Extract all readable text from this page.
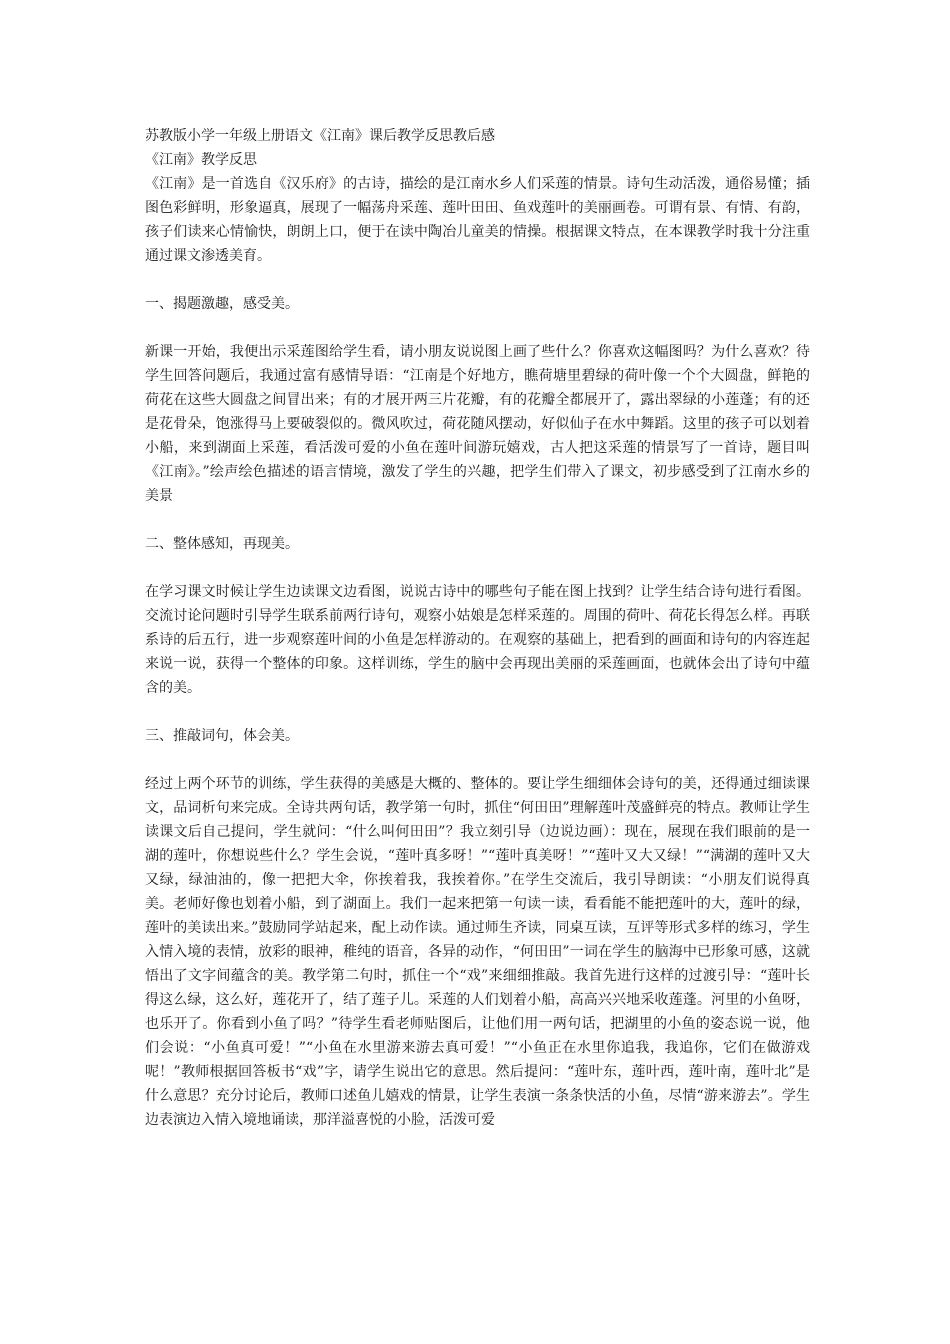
苏教版小学一年级上册语文《江南》课后教学反思教后感

《江南》教学反思

《江南》是一首选自《汉乐府》的古诗，描绘的是江南水乡人们采莲的情景。诗句生动活泼，通俗易懂；插图色彩鲜明，形象逼真，展现了一幅荡舟采莲、莲叶田田、鱼戏莲叶的美丽画卷。可谓有景、有情、有韵，孩子们读来心情愉快，朗朗上口，便于在读中陶冶儿童美的情操。根据课文特点，在本课教学时我十分注重通过课文渗透美育。

一、揭题激趣，感受美。

新课一开始，我便出示采莲图给学生看，请小朋友说说图上画了些什么？你喜欢这幅图吗？为什么喜欢？待学生回答问题后，我通过富有感情导语：“江南是个好地方，瞧荷塘里碧绿的荷叶像一个个大圆盘，鲜艳的荷花在这些大圆盘之间冒出来；有的才展开两三片花瓣，有的花瓣全都展开了，露出翠绿的小莲蓬；有的还是花骨朵，饱涨得马上要破裂似的。微风吹过，荷花随风摆动，好似仙子在水中舞蹈。这里的孩子可以划着小船，来到湖面上采莲，看活泼可爱的小鱼在莲叶间游玩嬉戏，古人把这采莲的情景写了一首诗，题目叫《江南》。”绘声绘色描述的语言情境，激发了学生的兴趣，把学生们带入了课文，初步感受到了江南水乡的美景

二、整体感知，再现美。

在学习课文时候让学生边读课文边看图，说说古诗中的哪些句子能在图上找到？让学生结合诗句进行看图。交流讨论问题时引导学生联系前两行诗句，观察小姑娘是怎样采莲的。周围的荷叶、荷花长得怎么样。再联系诗的后五行，进一步观察莲叶间的小鱼是怎样游动的。在观察的基础上，把看到的画面和诗句的内容连起来说一说，获得一个整体的印象。这样训练，学生的脑中会再现出美丽的采莲画面，也就体会出了诗句中蕴含的美。

三、推敲词句，体会美。

经过上两个环节的训练，学生获得的美感是大概的、整体的。要让学生细细体会诗句的美，还得通过细读课文，品词析句来完成。全诗共两句话，教学第一句时，抓住“何田田”理解莲叶茂盛鲜亮的特点。教师让学生读课文后自己提问，学生就问：“什么叫何田田”？我立刻引导（边说边画）：现在，展现在我们眼前的是一湖的莲叶，你想说些什么？学生会说，“莲叶真多呀！”“莲叶真美呀！”“莲叶又大又绿！”“满湖的莲叶又大又绿，绿油油的，像一把把大伞，你挨着我，我挨着你。”在学生交流后，我引导朗读：“小朋友们说得真美。老师好像也划着小船，到了湖面上。我们一起来把第一句读一读，看看能不能把莲叶的大，莲叶的绿，莲叶的美读出来。”鼓励同学站起来，配上动作读。通过师生齐读，同桌互读，互评等形式多样的练习，学生入情入境的表情，放彩的眼神，稚纯的语音，各异的动作，“何田田”一词在学生的脑海中已形象可感，这就悟出了文字间蕴含的美。教学第二句时，抓住一个“戏”来细细推敲。我首先进行这样的过渡引导：“莲叶长得这么绿，这么好，莲花开了，结了莲子儿。采莲的人们划着小船，高高兴兴地采收莲蓬。河里的小鱼呀，也乐开了。你看到小鱼了吗？”待学生看老师贴图后，让他们用一两句话，把湖里的小鱼的姿态说一说，他们会说：“小鱼真可爱！”“小鱼在水里游来游去真可爱！”“小鱼正在水里你追我，我追你，它们在做游戏呢！”教师根据回答板书“戏”字，请学生说出它的意思。然后提问：“莲叶东，莲叶西，莲叶南，莲叶北”是什么意思？充分讨论后，教师口述鱼儿嬉戏的情景，让学生表演一条条快活的小鱼，尽情“游来游去”。学生边表演边入情入境地诵读，那洋溢喜悦的小脸，活泼可爱
